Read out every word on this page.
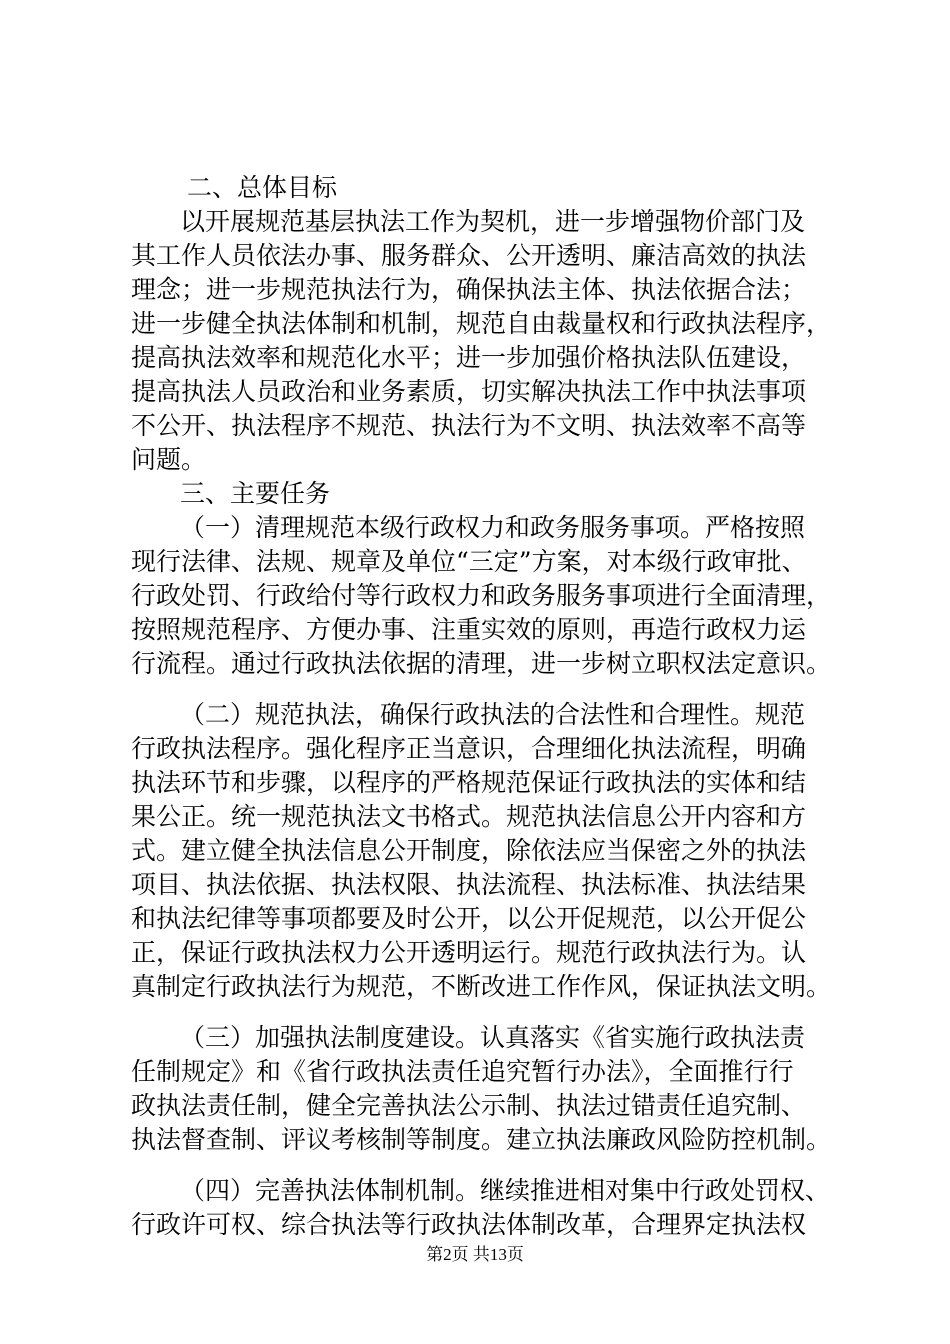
二、总体目标
以开展规范基层执法工作为契机，进一步增强物价部门及
其工作人员依法办事、服务群众、公开透明、廉洁高效的执法
理念；进一步规范执法行为，确保执法主体、执法依据合法；
进一步健全执法体制和机制，规范自由裁量权和行政执法程序，
提高执法效率和规范化水平；进一步加强价格执法队伍建设，
提高执法人员政治和业务素质，切实解决执法工作中执法事项
不公开、执法程序不规范、执法行为不文明、执法效率不高等
问题。
三、主要任务
（一）清理规范本级行政权力和政务服务事项。严格按照
现行法律、法规、规章及单位“三定”方案，对本级行政审批、
行政处罚、行政给付等行政权力和政务服务事项进行全面清理，
按照规范程序、方便办事、注重实效的原则，再造行政权力运
行流程。通过行政执法依据的清理，进一步树立职权法定意识。
（二）规范执法，确保行政执法的合法性和合理性。规范
行政执法程序。强化程序正当意识，合理细化执法流程，明确
执法环节和步骤，以程序的严格规范保证行政执法的实体和结
果公正。统一规范执法文书格式。规范执法信息公开内容和方
式。建立健全执法信息公开制度，除依法应当保密之外的执法
项目、执法依据、执法权限、执法流程、执法标准、执法结果
和执法纪律等事项都要及时公开，以公开促规范，以公开促公
正，保证行政执法权力公开透明运行。规范行政执法行为。认
真制定行政执法行为规范，不断改进工作作风，保证执法文明。
（三）加强执法制度建设。认真落实《省实施行政执法责
任制规定》和《省行政执法责任追究暂行办法》，全面推行行
政执法责任制，健全完善执法公示制、执法过错责任追究制、
执法督查制、评议考核制等制度。建立执法廉政风险防控机制。
（四）完善执法体制机制。继续推进相对集中行政处罚权、
行政许可权、综合执法等行政执法体制改革，合理界定执法权
第2页 共13页
